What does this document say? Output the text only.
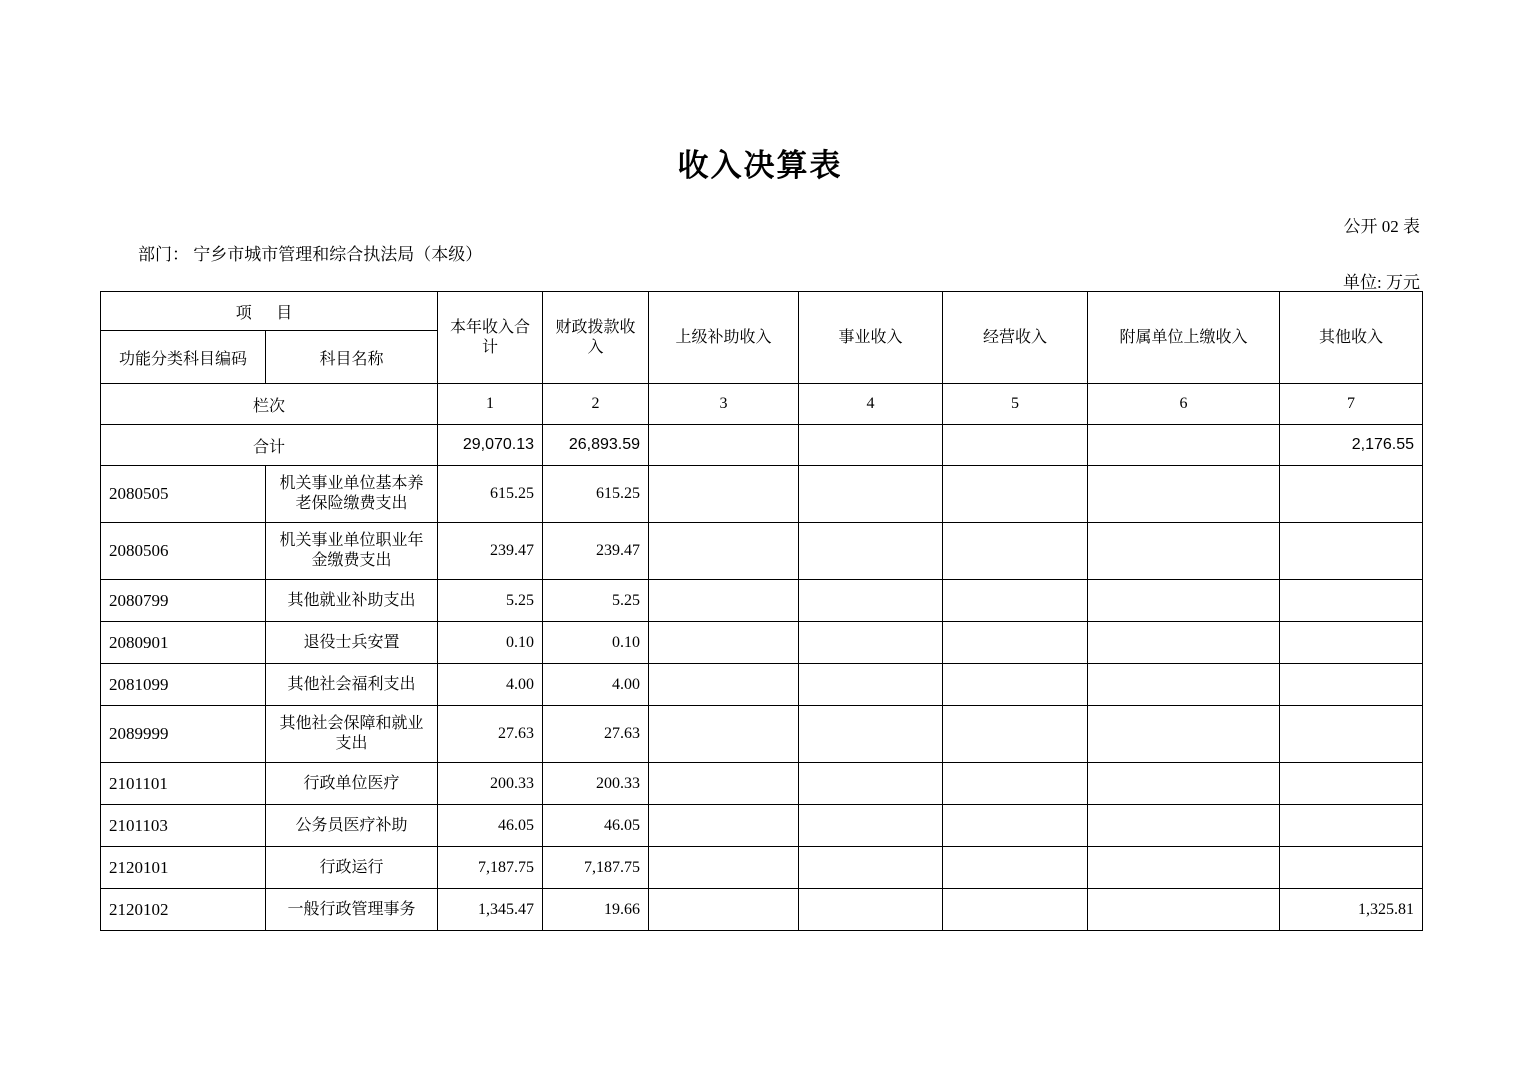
收入决算表
公开 02 表
部门： 宁乡市城市管理和综合执法局（本级）
单位: 万元
项 目		本年收入合计	财政拨款收入	上级补助收入	事业收入	经营收入	附属单位上缴收入	其他收入
功能分类科目编码	科目名称							
栏次		1	2	3	4	5	6	7
合计		29,070.13	26,893.59					2,176.55
2080505	机关事业单位基本养老保险缴费支出	615.25	615.25					
2080506	机关事业单位职业年金缴费支出	239.47	239.47					
2080799	其他就业补助支出	5.25	5.25					
2080901	退役士兵安置	0.10	0.10					
2081099	其他社会福利支出	4.00	4.00					
2089999	其他社会保障和就业支出	27.63	27.63					
2101101	行政单位医疗	200.33	200.33					
2101103	公务员医疗补助	46.05	46.05					
2120101	行政运行	7,187.75	7,187.75					
2120102	一般行政管理事务	1,345.47	19.66					1,325.81
